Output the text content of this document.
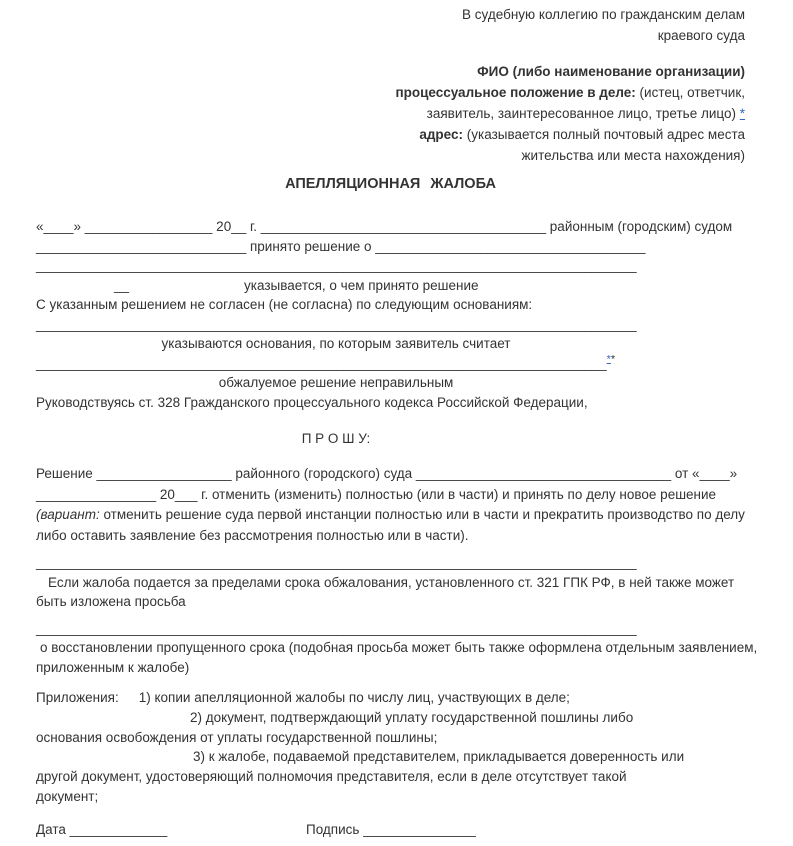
В судебную коллегию по гражданским делам
краевого суда
ФИО (либо наименование организации)
процессуальное положение в деле: (истец, ответчик,
заявитель, заинтересованное лицо, третье лицо) *
адрес: (указывается полный почтовый адрес места
жительства или места нахождения)
АПЕЛЛЯЦИОННАЯ ЖАЛОБА
«____» _________________ 20__ г. ______________________________________ районным (городским) судом
____________________________ принято решение о ____________________________________
________________________________________________________________________________
__	указывается, о чем принято решение
С указанным решением не согласен (не согласна) по следующим основаниям:
________________________________________________________________________________
указываются основания, по которым заявитель считает
____________________________________________________________________________**
обжалуемое решение неправильным
Руководствуясь ст. 328 Гражданского процессуального кодекса Российской Федерации,
П Р О Ш У:
Решение __________________ районного (городского) суда __________________________________ от «____»
________________ 20___ г. отменить (изменить) полностью (или в части) и принять по делу новое решение
(вариант: отменить решение суда первой инстанции полностью или в части и прекратить производство по делу
либо оставить заявление без рассмотрения полностью или в части).
________________________________________________________________________________
Если жалоба подается за пределами срока обжалования, установленного ст. 321 ГПК РФ, в ней также может
быть изложена просьба
________________________________________________________________________________
о восстановлении пропущенного срока (подобная просьба может быть также оформлена отдельным заявлением,
приложенным к жалобе)
Приложения: 1) копии апелляционной жалобы по числу лиц, участвующих в деле;
2) документ, подтверждающий уплату государственной пошлины либо
основания освобождения от уплаты государственной пошлины;
3) к жалобе, подаваемой представителем, прикладывается доверенность или
другой документ, удостоверяющий полномочия представителя, если в деле отсутствует такой
документ;
Дата _____________	Подпись _______________
